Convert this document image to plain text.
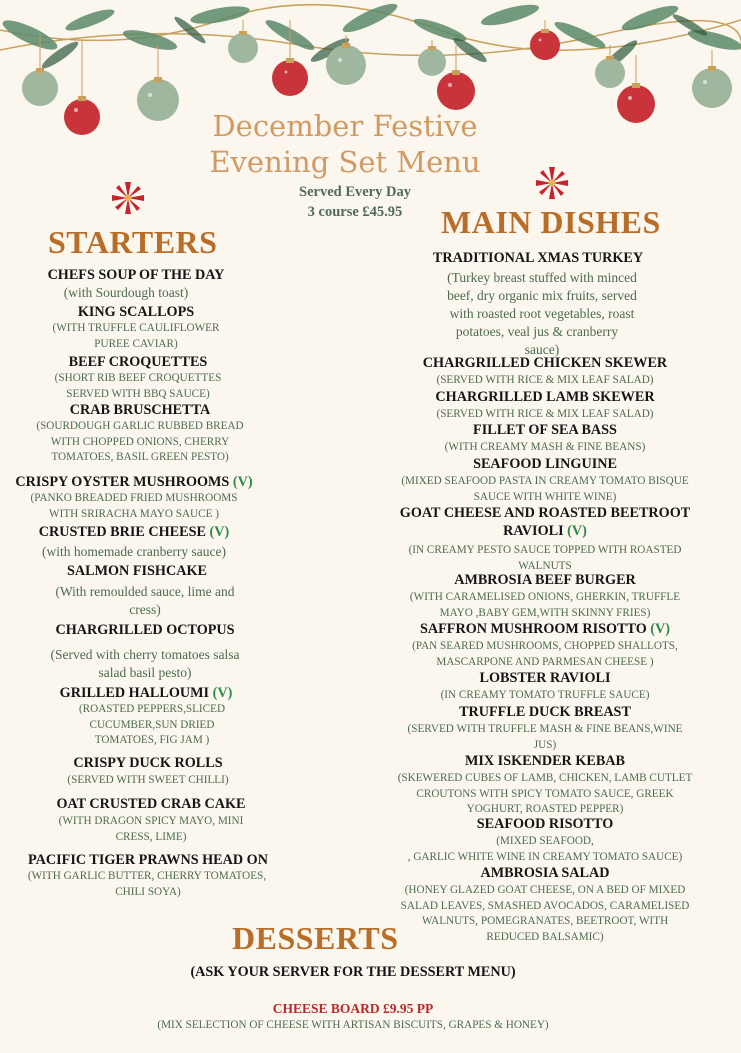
December Festive
Evening Set Menu
Served Every Day
3 course £45.95
STARTERS
MAIN DISHES
DESSERTS
CHEFS SOUP OF THE DAY
(with Sourdough toast)
KING SCALLOPS
(WITH TRUFFLE CAULIFLOWER
PUREE CAVIAR)
BEEF CROQUETTES
(SHORT RIB BEEF CROQUETTES
SERVED WITH BBQ SAUCE)
CRAB BRUSCHETTA
(SOURDOUGH GARLIC RUBBED BREAD
WITH CHOPPED ONIONS, CHERRY
TOMATOES, BASIL GREEN PESTO)
CRISPY OYSTER MUSHROOMS (V)
(PANKO BREADED FRIED MUSHROOMS
WITH SRIRACHA MAYO SAUCE )
CRUSTED BRIE CHEESE (V)
(with homemade cranberry sauce)
SALMON FISHCAKE
(With remoulded sauce, lime and
cress)
CHARGRILLED OCTOPUS
(Served with cherry tomatoes salsa
salad basil pesto)
GRILLED HALLOUMI (V)
(ROASTED PEPPERS,SLICED
CUCUMBER,SUN DRIED
TOMATOES, FIG JAM )
CRISPY DUCK ROLLS
(SERVED WITH SWEET CHILLI)
OAT CRUSTED CRAB CAKE
(WITH DRAGON SPICY MAYO, MINI
CRESS, LIME)
PACIFIC TIGER PRAWNS HEAD ON
(WITH GARLIC BUTTER, CHERRY TOMATOES,
CHILI SOYA)
TRADITIONAL XMAS TURKEY
(Turkey breast stuffed with minced
beef, dry organic mix fruits, served
with roasted root vegetables, roast
potatoes, veal jus & cranberry
sauce)
CHARGRILLED CHICKEN SKEWER
(SERVED WITH RICE & MIX LEAF SALAD)
CHARGRILLED LAMB SKEWER
(SERVED WITH RICE & MIX LEAF SALAD)
FILLET OF SEA BASS
(WITH CREAMY MASH & FINE BEANS)
SEAFOOD LINGUINE
(MIXED SEAFOOD PASTA IN CREAMY TOMATO BISQUE
SAUCE WITH WHITE WINE)
GOAT CHEESE AND ROASTED BEETROOT
RAVIOLI (V)
(IN CREAMY PESTO SAUCE TOPPED WITH ROASTED
WALNUTS
AMBROSIA BEEF BURGER
(WITH CARAMELISED ONIONS, GHERKIN, TRUFFLE
MAYO ,BABY GEM,WITH SKINNY FRIES)
SAFFRON MUSHROOM RISOTTO (V)
(PAN SEARED MUSHROOMS, CHOPPED SHALLOTS,
MASCARPONE AND PARMESAN CHEESE )
LOBSTER RAVIOLI
(IN CREAMY TOMATO TRUFFLE SAUCE)
TRUFFLE DUCK BREAST
(SERVED WITH TRUFFLE MASH & FINE BEANS,WINE
JUS)
MIX ISKENDER KEBAB
(SKEWERED CUBES OF LAMB, CHICKEN, LAMB CUTLET
CROUTONS WITH SPICY TOMATO SAUCE, GREEK
YOGHURT, ROASTED PEPPER)
SEAFOOD RISOTTO
(MIXED SEAFOOD,
, GARLIC WHITE WINE IN CREAMY TOMATO SAUCE)
AMBROSIA SALAD
(HONEY GLAZED GOAT CHEESE, ON A BED OF MIXED
SALAD LEAVES, SMASHED AVOCADOS, CARAMELISED
WALNUTS, POMEGRANATES, BEETROOT, WITH
REDUCED BALSAMIC)
(ASK YOUR SERVER FOR THE DESSERT MENU)
CHEESE BOARD £9.95 PP
(MIX SELECTION OF CHEESE WITH ARTISAN BISCUITS, GRAPES & HONEY)
